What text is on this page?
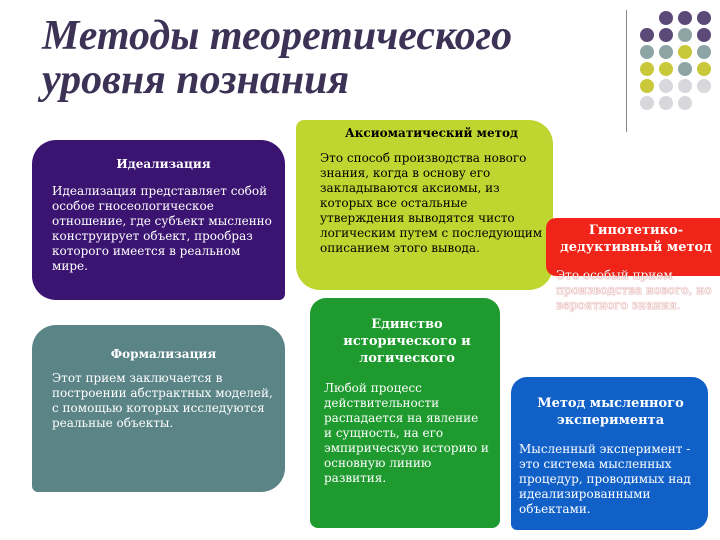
Методы теоретического уровня познания
Идеализация

Идеализация представляет собой особое гносеологическое отношение, где субъект мысленно конструирует объект, прообраз которого имеется в реальном мире.

Формализация

Этот прием заключается в построении абстрактных моделей, с помощью которых исследуются реальные объекты.

Аксиоматический метод

Это способ производства нового знания, когда в основу его закладываются аксиомы, из которых все остальные утверждения выводятся чисто логическим путем с последующим описанием этого вывода.

Единство исторического и логического

Любой процесс действительности распадается на явление и сущность, на его эмпирическую историю и основную линию развития.

Гипотетико-дедуктивный метод

Это особый прием производства нового, но вероятного знания.

Метод мысленного эксперимента

Мысленный эксперимент - это система мысленных процедур, проводимых над идеализированными объектами.
